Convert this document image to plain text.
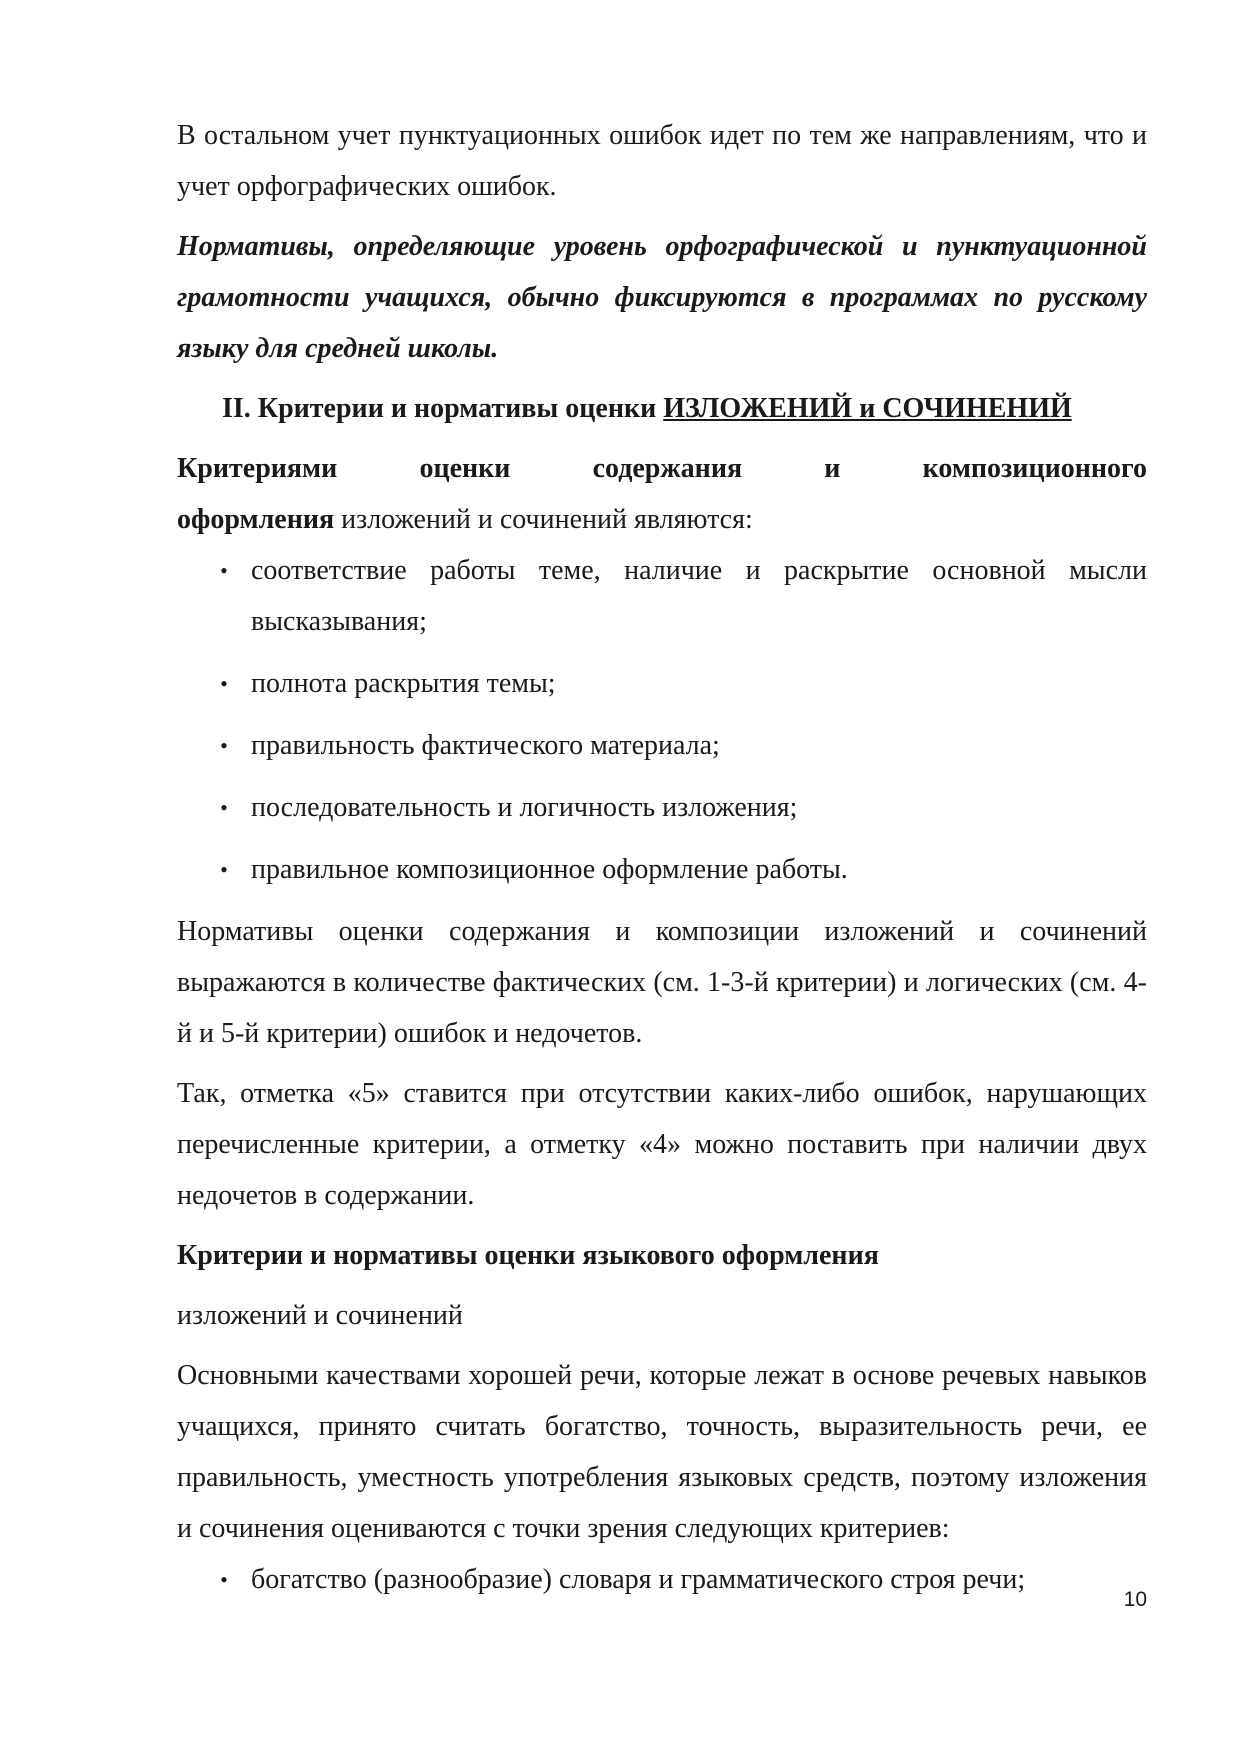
В остальном учет пунктуационных ошибок идет по тем же направлениям, что и учет орфографических ошибок.

Нормативы, определяющие уровень орфографической и пунктуационной грамотности учащихся, обычно фиксируются в программах по русскому языку для средней школы.

II. Критерии и нормативы оценки ИЗЛОЖЕНИЙ и СОЧИНЕНИЙ

Критериями оценки содержания и композиционного

оформления изложений и сочинений являются:

• соответствие работы теме, наличие и раскрытие основной мысли высказывания;
• полнота раскрытия темы;
• правильность фактического материала;
• последовательность и логичность изложения;
• правильное композиционное оформление работы.

Нормативы оценки содержания и композиции изложений и сочинений выражаются в количестве фактических (см. 1-3-й критерии) и логических (см. 4-й и 5-й критерии) ошибок и недочетов.

Так, отметка «5» ставится при отсутствии каких-либо ошибок, нарушающих перечисленные критерии, а отметку «4» можно поставить при наличии двух недочетов в содержании.

Критерии и нормативы оценки языкового оформления

изложений и сочинений

Основными качествами хорошей речи, которые лежат в основе речевых навыков учащихся, принято считать богатство, точность, выразительность речи, ее правильность, уместность употребления языковых средств, поэтому изложения и сочинения оцениваются с точки зрения следующих критериев:

• богатство (разнообразие) словаря и грамматического строя речи;
10
